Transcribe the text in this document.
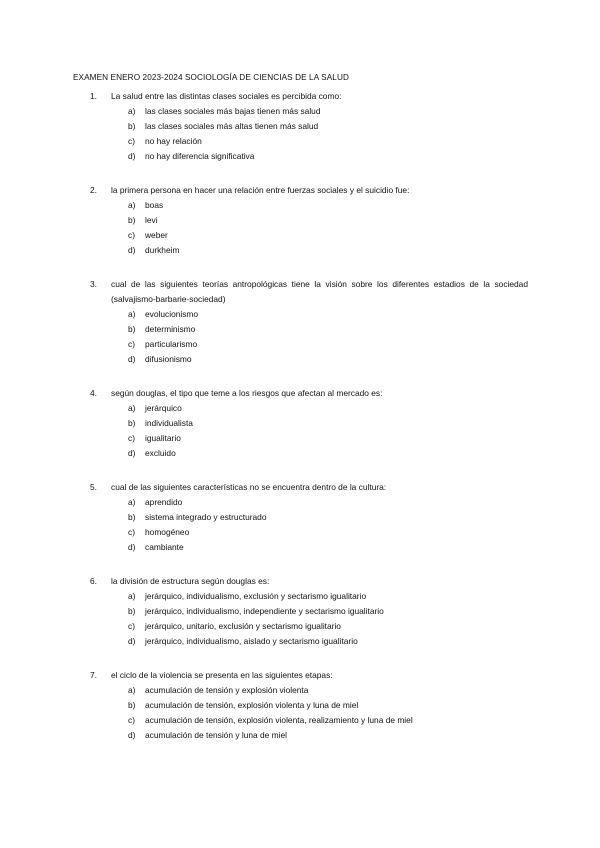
EXAMEN ENERO 2023-2024 SOCIOLOGÍA DE CIENCIAS DE LA SALUD
1.	La salud entre las distintas clases sociales es percibida como:
a) las clases sociales más bajas tienen más salud
b) las clases sociales más altas tienen más salud
c) no hay relación
d) no hay diferencia significativa
2.	la primera persona en hacer una relación entre fuerzas sociales y el suicidio fue:
a) boas
b) levi
c) weber
d) durkheim
3.	cual de las siguientes teorías antropológicas tiene la visión sobre los diferentes estadios de la sociedad (salvajismo-barbarie-sociedad)
a) evolucionismo
b) determinismo
c) particularismo
d) difusionismo
4.	según douglas, el tipo que teme a los riesgos que afectan al mercado es:
a) jerárquico
b) individualista
c) igualitario
d) excluido
5.	cual de las siguientes características no se encuentra dentro de la cultura:
a) aprendido
b) sistema integrado y estructurado
c) homogéneo
d) cambiante
6.	la división de estructura según douglas es:
a) jerárquico, individualismo, exclusión y sectarismo igualitario
b) jerárquico, individualismo, independiente y sectarismo igualitario
c) jerárquico, unitario, exclusión y sectarismo igualitario
d) jerárquico, individualismo, aislado y sectarismo igualitario
7.	el ciclo de la violencia se presenta en las siguientes etapas:
a) acumulación de tensión y explosión violenta
b) acumulación de tensión, explosión violenta y luna de miel
c) acumulación de tensión, explosión violenta, realizamiento y luna de miel
d) acumulación de tensión y luna de miel
